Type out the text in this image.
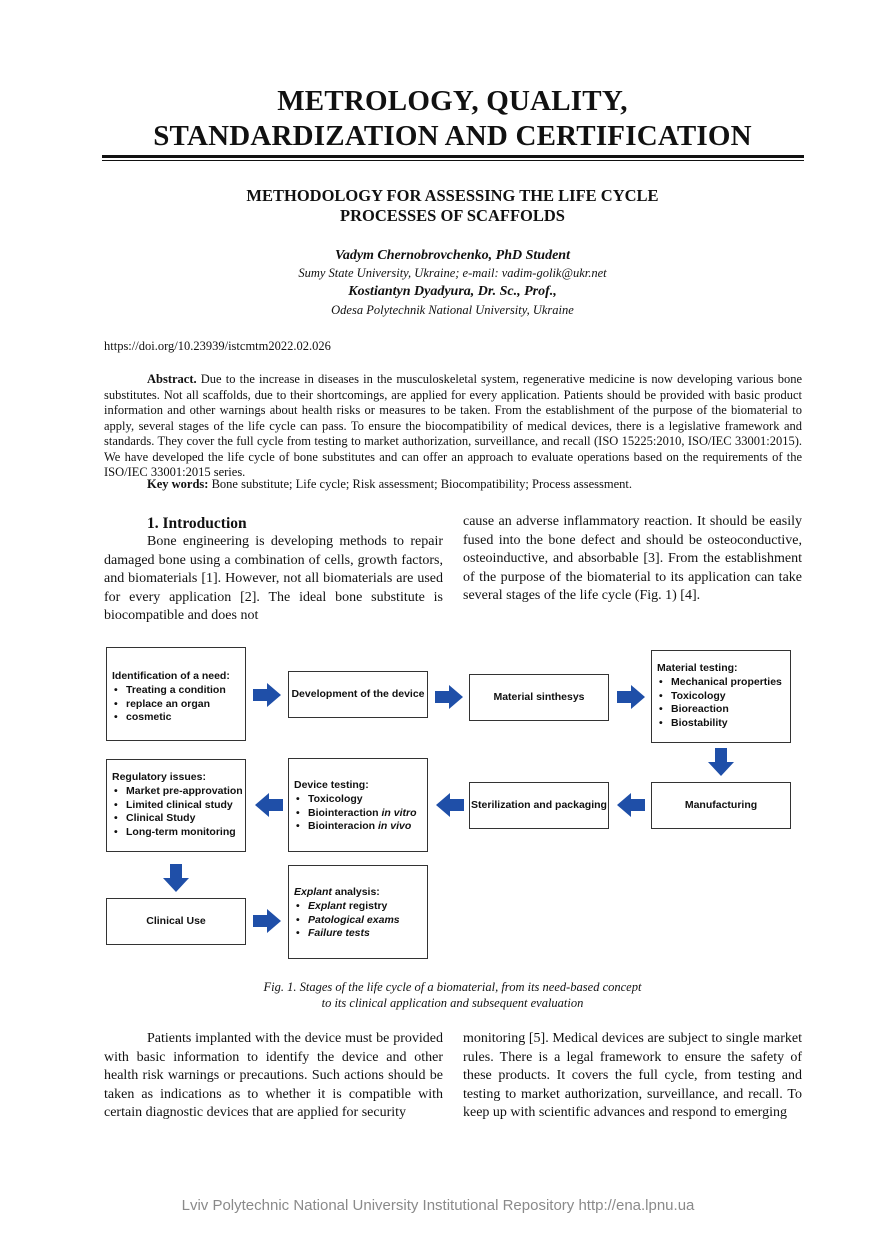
METROLOGY, QUALITY,
STANDARDIZATION AND CERTIFICATION
METHODOLOGY FOR ASSESSING THE LIFE CYCLE
PROCESSES OF SCAFFOLDS
Vadym Chernobrovchenko, PhD Student
Sumy State University, Ukraine; e-mail: vadim-golik@ukr.net
Kostiantyn Dyadyura, Dr. Sc., Prof.,
Odesa Polytechnik National University, Ukraine
https://doi.org/10.23939/istcmtm2022.02.026
Abstract. Due to the increase in diseases in the musculoskeletal system, regenerative medicine is now developing various bone substitutes. Not all scaffolds, due to their shortcomings, are applied for every application. Patients should be provided with basic product information and other warnings about health risks or measures to be taken. From the establishment of the purpose of the biomaterial to apply, several stages of the life cycle can pass. To ensure the biocompatibility of medical devices, there is a legislative framework and standards. They cover the full cycle from testing to market authorization, surveillance, and recall (ISO 15225:2010, ISO/IEC 33001:2015). We have developed the life cycle of bone substitutes and can offer an approach to evaluate operations based on the requirements of the ISO/IEC 33001:2015 series.
Key words: Bone substitute; Life cycle; Risk assessment; Biocompatibility; Process assessment.
1. Introduction
Bone engineering is developing methods to repair damaged bone using a combination of cells, growth factors, and biomaterials [1]. However, not all biomaterials are used for every application [2]. The ideal bone substitute is biocompatible and does not
cause an adverse inflammatory reaction. It should be easily fused into the bone defect and should be osteoconductive, osteoinductive, and absorbable [3]. From the establishment of the purpose of the biomaterial to its application can take several stages of the life cycle (Fig. 1) [4].
Identification of a need:
• Treating a condition
• replace an organ
• cosmetic
Development of the device	Material sinthesys
Material testing:
• Mechanical properties
• Toxicology
• Bioreaction
• Biostability
Regulatory issues:
• Market pre-approvation
• Limited clinical study
• Clinical Study
• Long-term monitoring
Device testing:
• Toxicology
• Biointeraction in vitro
• Biointeracion in vivo
Sterilization and packaging	Manufacturing
Clinical Use
Explant analysis:
• Explant registry
• Patological exams
• Failure tests
Fig. 1. Stages of the life cycle of a biomaterial, from its need-based concept
to its clinical application and subsequent evaluation
Patients implanted with the device must be provided with basic information to identify the device and other health risk warnings or precautions. Such actions should be taken as indications as to whether it is compatible with certain diagnostic devices that are applied for security
monitoring [5]. Medical devices are subject to single market rules. There is a legal framework to ensure the safety of these products. It covers the full cycle, from testing and testing to market authorization, surveillance, and recall. To keep up with scientific advances and respond to emerging
Lviv Polytechnic National University Institutional Repository http://ena.lpnu.ua
